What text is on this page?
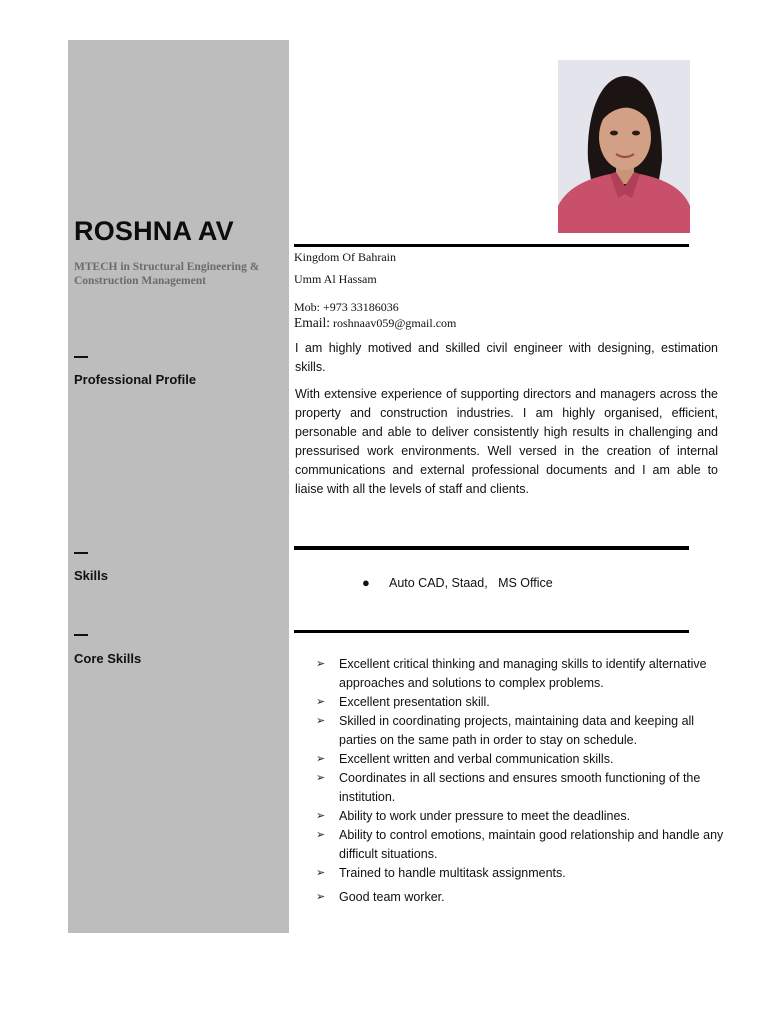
ROSHNA AV
MTECH in Structural Engineering & Construction Management
Professional Profile
Skills
Core Skills
Kingdom Of Bahrain
Umm Al Hassam
Mob: +973 33186036
Email: roshnaav059@gmail.com
I am highly motived and skilled civil engineer with designing, estimation skills.
With extensive experience of supporting directors and managers across the property and construction industries. I am highly organised, efficient, personable and able to deliver consistently high results in challenging and pressurised work environments. Well versed in the creation of internal communications and external professional documents and I am able to liaise with all the levels of staff and clients.
● Auto CAD, Staad,   MS Office
➢ Excellent critical thinking and managing skills to identify alternative approaches and solutions to complex problems.
➢ Excellent presentation skill.
➢ Skilled in coordinating projects, maintaining data and keeping all parties on the same path in order to stay on schedule.
➢ Excellent written and verbal communication skills.
➢ Coordinates in all sections and ensures smooth functioning of the institution.
➢ Ability to work under pressure to meet the deadlines.
➢ Ability to control emotions, maintain good relationship and handle any difficult situations.
➢ Trained to handle multitask assignments.
➢ Good team worker.
